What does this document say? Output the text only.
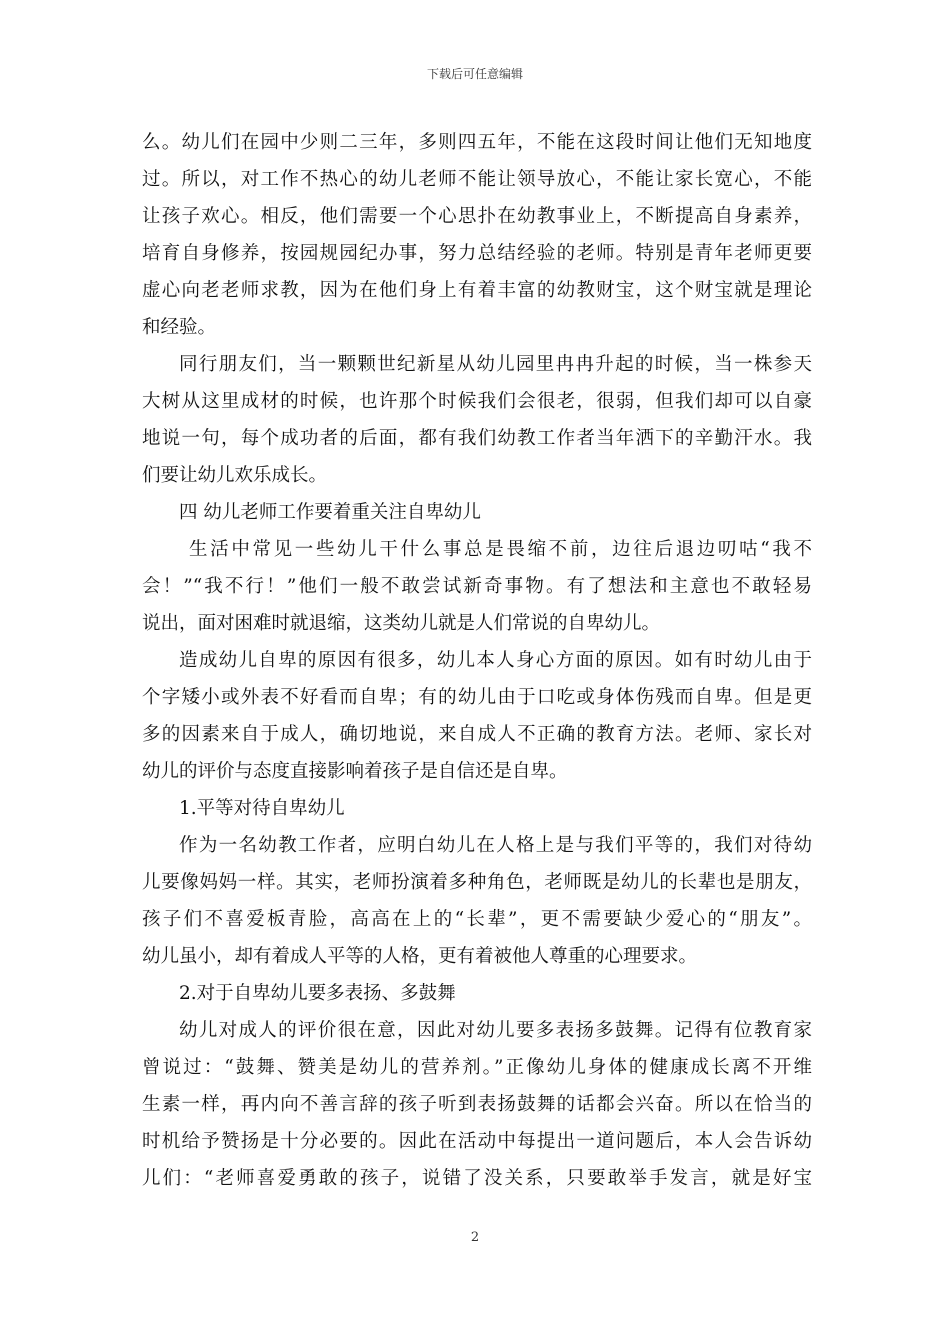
下载后可任意编辑
么。幼儿们在园中少则二三年，多则四五年，不能在这段时间让他们无知地度
过。所以，对工作不热心的幼儿老师不能让领导放心，不能让家长宽心，不能
让孩子欢心。相反，他们需要一个心思扑在幼教事业上，不断提高自身素养，
培育自身修养，按园规园纪办事，努力总结经验的老师。特别是青年老师更要
虚心向老老师求教，因为在他们身上有着丰富的幼教财宝，这个财宝就是理论
和经验。
同行朋友们，当一颗颗世纪新星从幼儿园里冉冉升起的时候，当一株参天
大树从这里成材的时候，也许那个时候我们会很老，很弱，但我们却可以自豪
地说一句，每个成功者的后面，都有我们幼教工作者当年洒下的辛勤汗水。我
们要让幼儿欢乐成长。
四 幼儿老师工作要着重关注自卑幼儿
生活中常见一些幼儿干什么事总是畏缩不前，边往后退边叨咕“我不
会！”“我不行！”他们一般不敢尝试新奇事物。有了想法和主意也不敢轻易
说出，面对困难时就退缩，这类幼儿就是人们常说的自卑幼儿。
造成幼儿自卑的原因有很多，幼儿本人身心方面的原因。如有时幼儿由于
个字矮小或外表不好看而自卑；有的幼儿由于口吃或身体伤残而自卑。但是更
多的因素来自于成人，确切地说，来自成人不正确的教育方法。老师、家长对
幼儿的评价与态度直接影响着孩子是自信还是自卑。
1.平等对待自卑幼儿
作为一名幼教工作者，应明白幼儿在人格上是与我们平等的，我们对待幼
儿要像妈妈一样。其实，老师扮演着多种角色，老师既是幼儿的长辈也是朋友，
孩子们不喜爱板青脸，高高在上的“长辈”，更不需要缺少爱心的“朋友”。
幼儿虽小，却有着成人平等的人格，更有着被他人尊重的心理要求。
2.对于自卑幼儿要多表扬、多鼓舞
幼儿对成人的评价很在意，因此对幼儿要多表扬多鼓舞。记得有位教育家
曾说过：“鼓舞、赞美是幼儿的营养剂。”正像幼儿身体的健康成长离不开维
生素一样，再内向不善言辞的孩子听到表扬鼓舞的话都会兴奋。所以在恰当的
时机给予赞扬是十分必要的。因此在活动中每提出一道问题后，本人会告诉幼
儿们：“老师喜爱勇敢的孩子，说错了没关系，只要敢举手发言，就是好宝
2
